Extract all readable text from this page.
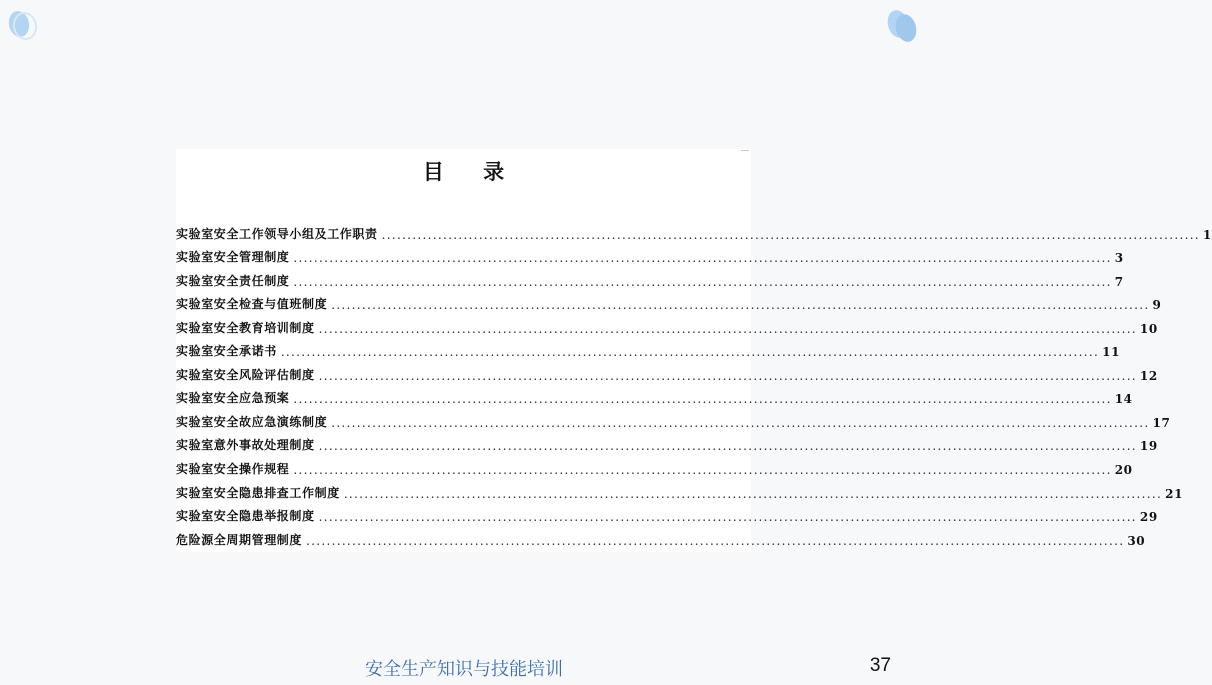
目 录
实验室安全工作领导小组及工作职责 ................................................................................................................................................................ 1
实验室安全管理制度 ................................................................................................................................................................ 3
实验室安全责任制度 ................................................................................................................................................................ 7
实验室安全检查与值班制度 ................................................................................................................................................................ 9
实验室安全教育培训制度 ................................................................................................................................................................ 10
实验室安全承诺书 ................................................................................................................................................................ 11
实验室安全风险评估制度 ................................................................................................................................................................ 12
实验室安全应急预案 ................................................................................................................................................................ 14
实验室安全故应急演练制度 ................................................................................................................................................................ 17
实验室意外事故处理制度 ................................................................................................................................................................ 19
实验室安全操作规程 ................................................................................................................................................................ 20
实验室安全隐患排查工作制度 ................................................................................................................................................................ 21
实验室安全隐患举报制度 ................................................................................................................................................................ 29
危险源全周期管理制度 ................................................................................................................................................................ 30
安全生产知识与技能培训	37
